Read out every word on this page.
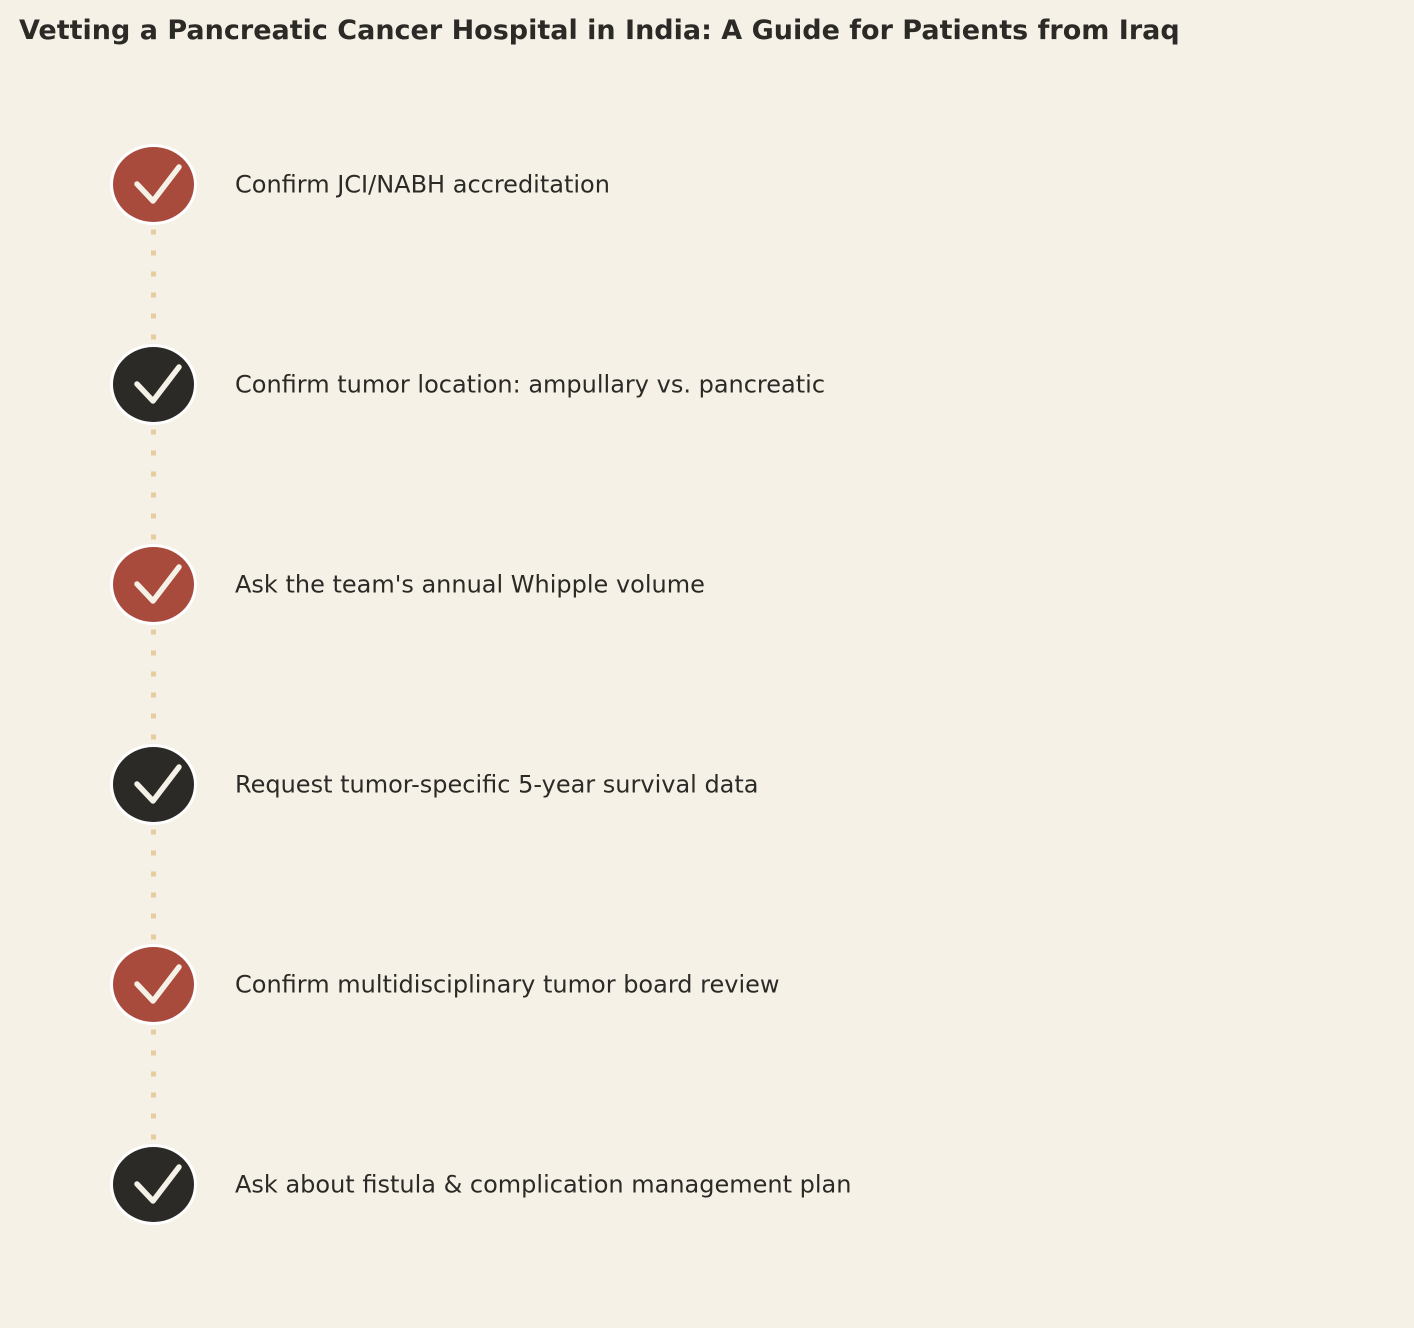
Vetting a Pancreatic Cancer Hospital in India: A Guide for Patients from Iraq
Confirm JCI/NABH accreditation
Confirm tumor location: ampullary vs. pancreatic
Ask the team's annual Whipple volume
Request tumor-specific 5-year survival data
Confirm multidisciplinary tumor board review
Ask about fistula & complication management plan
